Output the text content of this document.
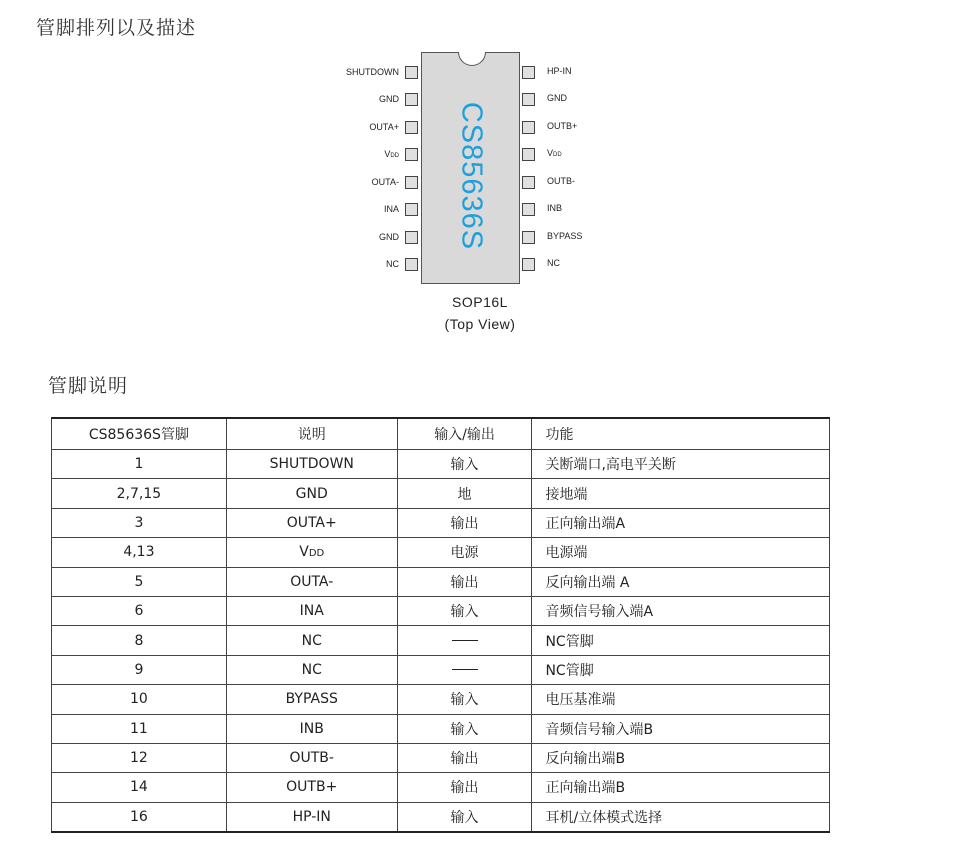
管脚排列以及描述
CS85636S
SHUTDOWN
GND
OUTA+
VDD
OUTA-
INA
GND
NC
HP-IN
GND
OUTB+
VDD
OUTB-
INB
BYPASS
NC
SOP16L
(Top View)
管脚说明
CS85636S管脚	说明	输入/输出	功能
1	SHUTDOWN	输入	关断端口,高电平关断
2,7,15	GND	地	接地端
3	OUTA+	输出	正向输出端A
4,13	VDD	电源	电源端
5	OUTA-	输出	反向输出端 A
6	INA	输入	音频信号输入端A
8	NC		NC管脚
9	NC		NC管脚
10	BYPASS	输入	电压基准端
11	INB	输入	音频信号输入端B
12	OUTB-	输出	反向输出端B
14	OUTB+	输出	正向输出端B
16	HP-IN	输入	耳机/立体模式选择
